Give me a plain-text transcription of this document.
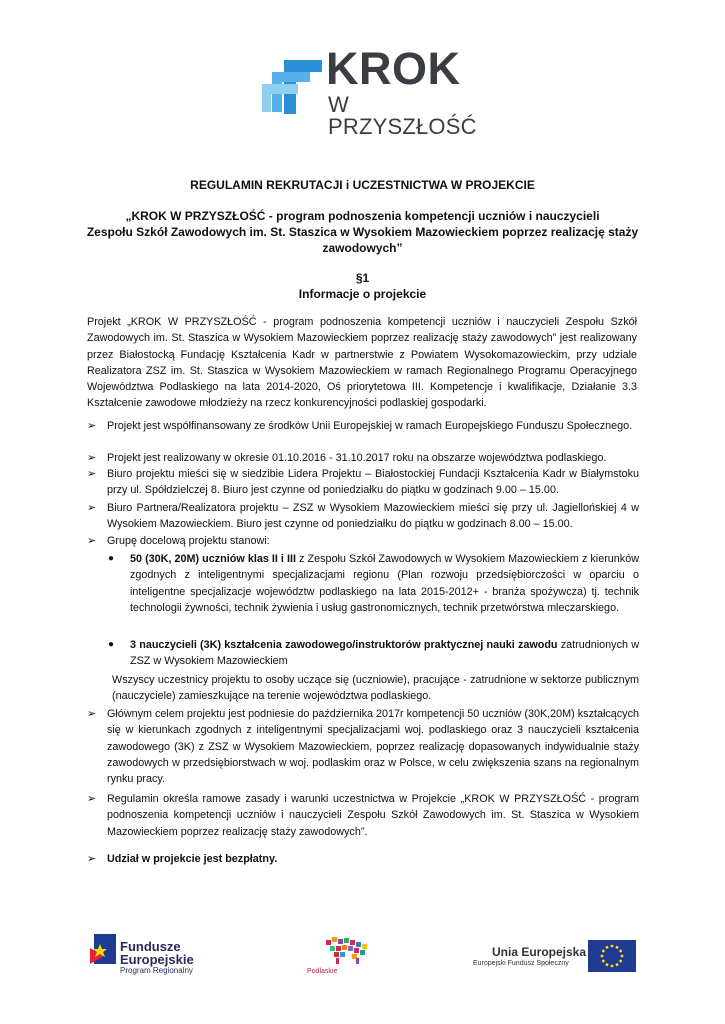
KROK
W PRZYSZŁOŚĆ
REGULAMIN REKRUTACJI i UCZESTNICTWA W PROJEKCIE
„KROK W PRZYSZŁOŚĆ - program podnoszenia kompetencji uczniów i nauczycieli
Zespołu Szkół Zawodowych im. St. Staszica w Wysokiem Mazowieckiem poprzez realizację staży
zawodowych”
§1
Informacje o projekcie
Projekt „KROK W PRZYSZŁOŚĆ - program podnoszenia kompetencji uczniów i nauczycieli Zespołu Szkół Zawodowych im. St. Staszica w Wysokiem Mazowieckiem poprzez realizację staży zawodowych” jest realizowany przez Białostocką Fundację Kształcenia Kadr w partnerstwie z Powiatem Wysokomazowieckim, przy udziale Realizatora ZSZ im. St. Staszica w Wysokiem Mazowieckiem w ramach Regionalnego Programu Operacyjnego Województwa Podlaskiego na lata 2014-2020, Oś priorytetowa III. Kompetencje i kwalifikacje, Działanie 3.3 Kształcenie zawodowe młodzieży na rzecz konkurencyjności podlaskiej gospodarki.
➢ Projekt jest współfinansowany ze środków Unii Europejskiej w ramach Europejskiego Funduszu Społecznego.
➢ Projekt jest realizowany w okresie 01.10.2016 - 31.10.2017 roku na obszarze województwa podlaskiego.
➢ Biuro projektu mieści się w siedzibie Lidera Projektu – Białostockiej Fundacji Kształcenia Kadr w Białymstoku przy ul. Spółdzielczej 8. Biuro jest czynne od poniedziałku do piątku w godzinach 9.00 – 15.00.
➢ Biuro Partnera/Realizatora projektu – ZSZ w Wysokiem Mazowieckiem mieści się przy ul. Jagiellońskiej 4 w Wysokiem Mazowieckiem. Biuro jest czynne od poniedziałku do piątku w godzinach 8.00 – 15.00.
➢ Grupę docelową projektu stanowi:
● 50 (30K, 20M) uczniów klas II i III z Zespołu Szkół Zawodowych w Wysokiem Mazowieckiem z kierunków zgodnych z inteligentnymi specjalizacjami regionu (Plan rozwoju przedsiębiorczości w oparciu o inteligentne specjalizacje województw podlaskiego na lata 2015-2012+ - branża spożywcza) tj. technik technologii żywności, technik żywienia i usług gastronomicznych, technik przetwórstwa mleczarskiego.
● 3 nauczycieli (3K) kształcenia zawodowego/instruktorów praktycznej nauki zawodu zatrudnionych w ZSZ w Wysokiem Mazowieckiem
Wszyscy uczestnicy projektu to osoby uczące się (uczniowie), pracujące - zatrudnione w sektorze publicznym (nauczyciele) zamieszkujące na terenie województwa podlaskiego.
➢ Głównym celem projektu jest podniesie do października 2017r kompetencji 50 uczniów (30K,20M) kształcących się w kierunkach zgodnych z inteligentnymi specjalizacjami woj. podlaskiego oraz 3 nauczycieli kształcenia zawodowego (3K) z ZSZ w Wysokiem Mazowieckiem, poprzez realizację dopasowanych indywidualnie staży zawodowych w przedsiębiorstwach w woj. podlaskim oraz w Polsce, w celu zwiększenia szans na regionalnym rynku pracy.
➢ Regulamin określa ramowe zasady i warunki uczestnictwa w Projekcie „KROK W PRZYSZŁOŚĆ - program podnoszenia kompetencji uczniów i nauczycieli Zespołu Szkół Zawodowych im. St. Staszica w Wysokiem Mazowieckiem poprzez realizację staży zawodowych”.
➢ Udział w projekcie jest bezpłatny.
Fundusze
Europejskie
Program Regionalny	Podlaskie
Unia Europejska
Europejski Fundusz Społeczny
